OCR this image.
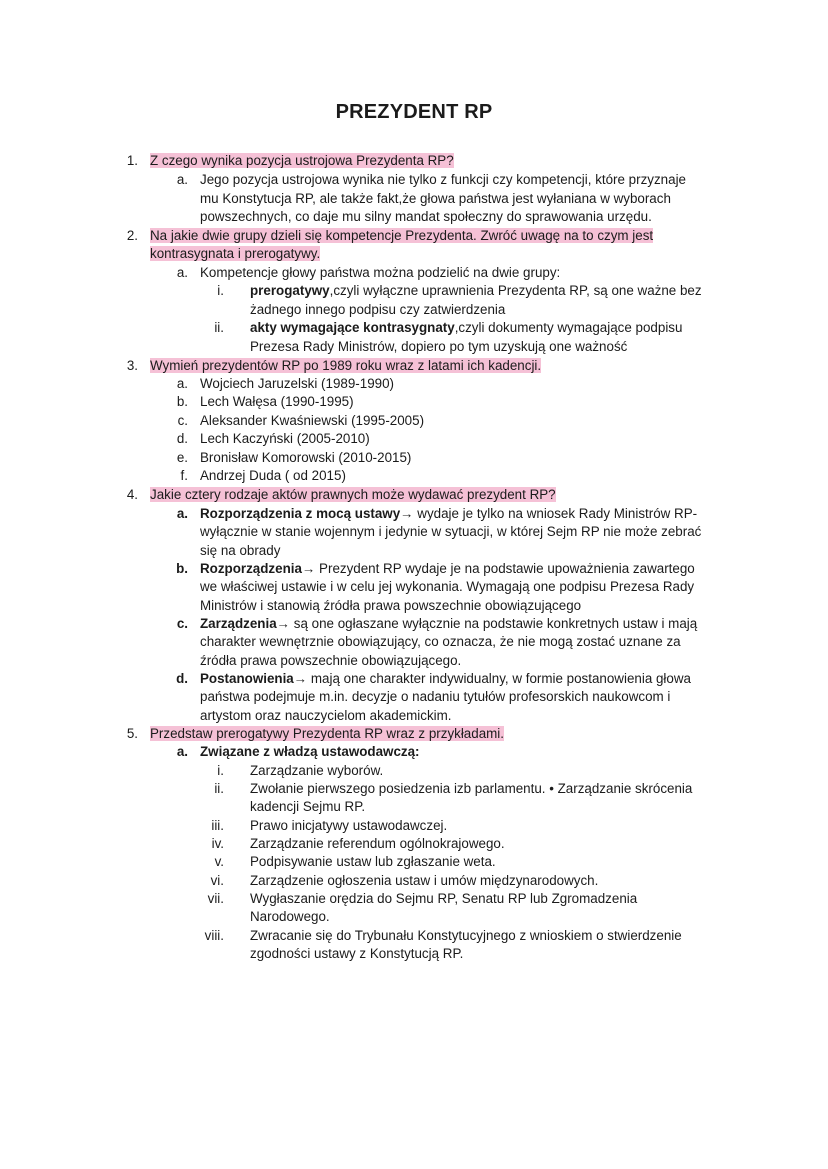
PREZYDENT RP
1. Z czego wynika pozycja ustrojowa Prezydenta RP?
a. Jego pozycja ustrojowa wynika nie tylko z funkcji czy kompetencji, które przyznaje
mu Konstytucja RP, ale także fakt,że głowa państwa jest wyłaniana w wyborach
powszechnych, co daje mu silny mandat społeczny do sprawowania urzędu.
2. Na jakie dwie grupy dzieli się kompetencje Prezydenta. Zwróć uwagę na to czym jest
kontrasygnata i prerogatywy.
a. Kompetencje głowy państwa można podzielić na dwie grupy:
i. prerogatywy,czyli wyłączne uprawnienia Prezydenta RP, są one ważne bez
żadnego innego podpisu czy zatwierdzenia
ii. akty wymagające kontrasygnaty,czyli dokumenty wymagające podpisu
Prezesa Rady Ministrów, dopiero po tym uzyskują one ważność
3. Wymień prezydentów RP po 1989 roku wraz z latami ich kadencji.
a. Wojciech Jaruzelski (1989-1990)
b. Lech Wałęsa (1990-1995)
c. Aleksander Kwaśniewski (1995-2005)
d. Lech Kaczyński (2005-2010)
e. Bronisław Komorowski (2010-2015)
f. Andrzej Duda ( od 2015)
4. Jakie cztery rodzaje aktów prawnych może wydawać prezydent RP?
a. Rozporządzenia z mocą ustawy→ wydaje je tylko na wniosek Rady Ministrów RP-
wyłącznie w stanie wojennym i jedynie w sytuacji, w której Sejm RP nie może zebrać
się na obrady
b. Rozporządzenia→ Prezydent RP wydaje je na podstawie upoważnienia zawartego
we właściwej ustawie i w celu jej wykonania. Wymagają one podpisu Prezesa Rady
Ministrów i stanowią źródła prawa powszechnie obowiązującego
c. Zarządzenia→ są one ogłaszane wyłącznie na podstawie konkretnych ustaw i mają
charakter wewnętrznie obowiązujący, co oznacza, że nie mogą zostać uznane za
źródła prawa powszechnie obowiązującego.
d. Postanowienia→ mają one charakter indywidualny, w formie postanowienia głowa
państwa podejmuje m.in. decyzje o nadaniu tytułów profesorskich naukowcom i
artystom oraz nauczycielom akademickim.
5. Przedstaw prerogatywy Prezydenta RP wraz z przykładami.
a. Związane z władzą ustawodawczą:
i. Zarządzanie wyborów.
ii. Zwołanie pierwszego posiedzenia izb parlamentu. • Zarządzanie skrócenia
kadencji Sejmu RP.
iii. Prawo inicjatywy ustawodawczej.
iv. Zarządzanie referendum ogólnokrajowego.
v. Podpisywanie ustaw lub zgłaszanie weta.
vi. Zarządzenie ogłoszenia ustaw i umów międzynarodowych.
vii. Wygłaszanie orędzia do Sejmu RP, Senatu RP lub Zgromadzenia
Narodowego.
viii. Zwracanie się do Trybunału Konstytucyjnego z wnioskiem o stwierdzenie
zgodności ustawy z Konstytucją RP.
